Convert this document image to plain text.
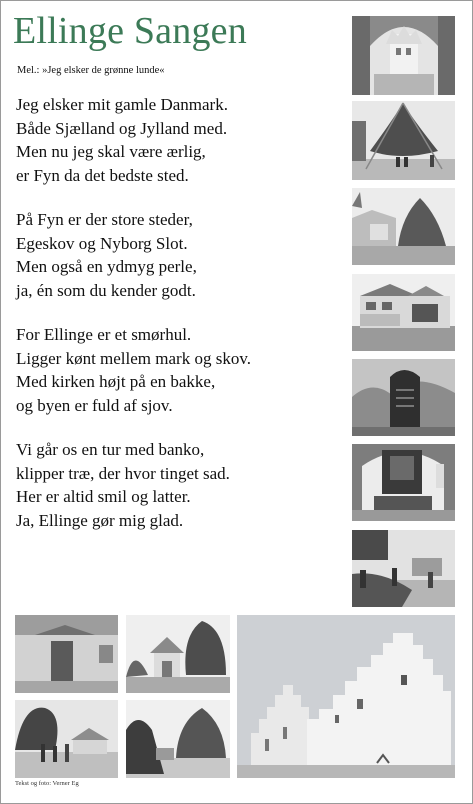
Ellinge Sangen
Mel.: »Jeg elsker de grønne lunde«
Jeg elsker mit gamle Danmark.
Både Sjælland og Jylland med.
Men nu jeg skal være ærlig,
er Fyn da det bedste sted.
På Fyn er der store steder,
Egeskov og Nyborg Slot.
Men også en ydmyg perle,
ja, én som du kender godt.
For Ellinge er et smørhul.
Ligger kønt mellem mark og skov.
Med kirken højt på en bakke,
og byen er fuld af sjov.
Vi går os en tur med banko,
klipper træ, der hvor tinget sad.
Her er altid smil og latter.
Ja, Ellinge gør mig glad.
Tekst og foto: Verner Eg
